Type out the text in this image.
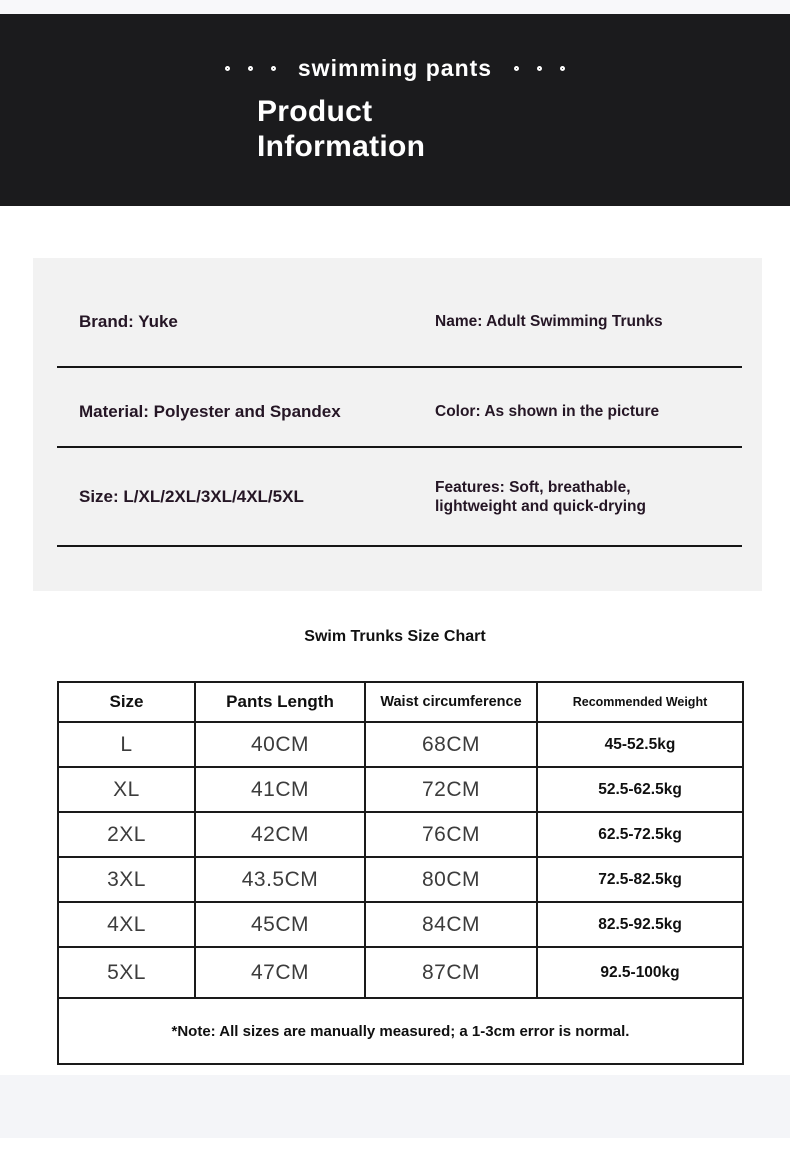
swimming pants
Product
Information
Brand: Yuke	Name: Adult Swimming Trunks
Material: Polyester and Spandex	Color: As shown in the picture
Size: L/XL/2XL/3XL/4XL/5XL	Features: Soft, breathable,
lightweight and quick-drying
Swim Trunks Size Chart
Size	Pants Length	Waist circumference	Recommended Weight
L	40CM	68CM	45-52.5kg
XL	41CM	72CM	52.5-62.5kg
2XL	42CM	76CM	62.5-72.5kg
3XL	43.5CM	80CM	72.5-82.5kg
4XL	45CM	84CM	82.5-92.5kg
5XL	47CM	87CM	92.5-100kg
*Note: All sizes are manually measured; a 1-3cm error is normal.			
